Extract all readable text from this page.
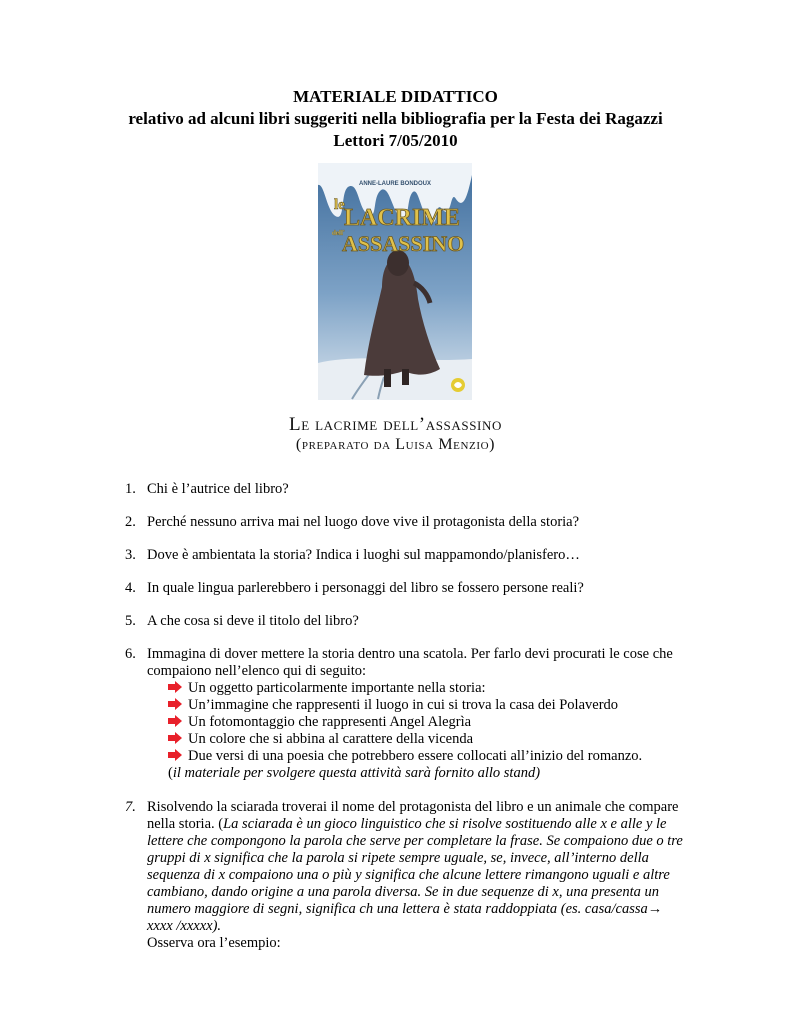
MATERIALE DIDATTICO
relativo ad alcuni libri suggeriti nella bibliografia per la Festa dei Ragazzi
Lettori 7/05/2010
ANNE-LAURE BONDOUX
le LACRIME
dell'
ASSASSINO
Le lacrime dell’assassino
(preparato da Luisa Menzio)
1. Chi è l’autrice del libro?
2. Perché nessuno arriva mai nel luogo dove vive il protagonista della storia?
3. Dove è ambientata la storia? Indica i luoghi sul mappamondo/planisfero…
4. In quale lingua parlerebbero i personaggi del libro se fossero persone reali?
5. A che cosa si deve il titolo del libro?
6. Immagina di dover mettere la storia dentro una scatola. Per farlo devi procurati le cose che
compaiono nell’elenco qui di seguito:
Un oggetto particolarmente importante nella storia:
Un’immagine che rappresenti il luogo in cui si trova la casa dei Polaverdo
Un fotomontaggio che rappresenti Angel Alegrìa
Un colore che si abbina al carattere della vicenda
Due versi di una poesia che potrebbero essere collocati all’inizio del romanzo.
(il materiale per svolgere questa attività sarà fornito allo stand)
7. Risolvendo la sciarada troverai il nome del protagonista del libro e un animale che compare
nella storia. (La sciarada è un gioco linguistico che si risolve sostituendo alle x e alle y le
lettere che compongono la parola che serve per completare la frase. Se compaiono due o tre
gruppi di x significa che la parola si ripete sempre uguale, se, invece, all’interno della
sequenza di x compaiono una o più y significa che alcune lettere rimangono uguali e altre
cambiano, dando origine a una parola diversa. Se in due sequenze di x, una presenta un
numero maggiore di segni, significa ch una lettera è stata raddoppiata (es. casa/cassa→
xxxx /xxxxx).
Osserva ora l’esempio:
